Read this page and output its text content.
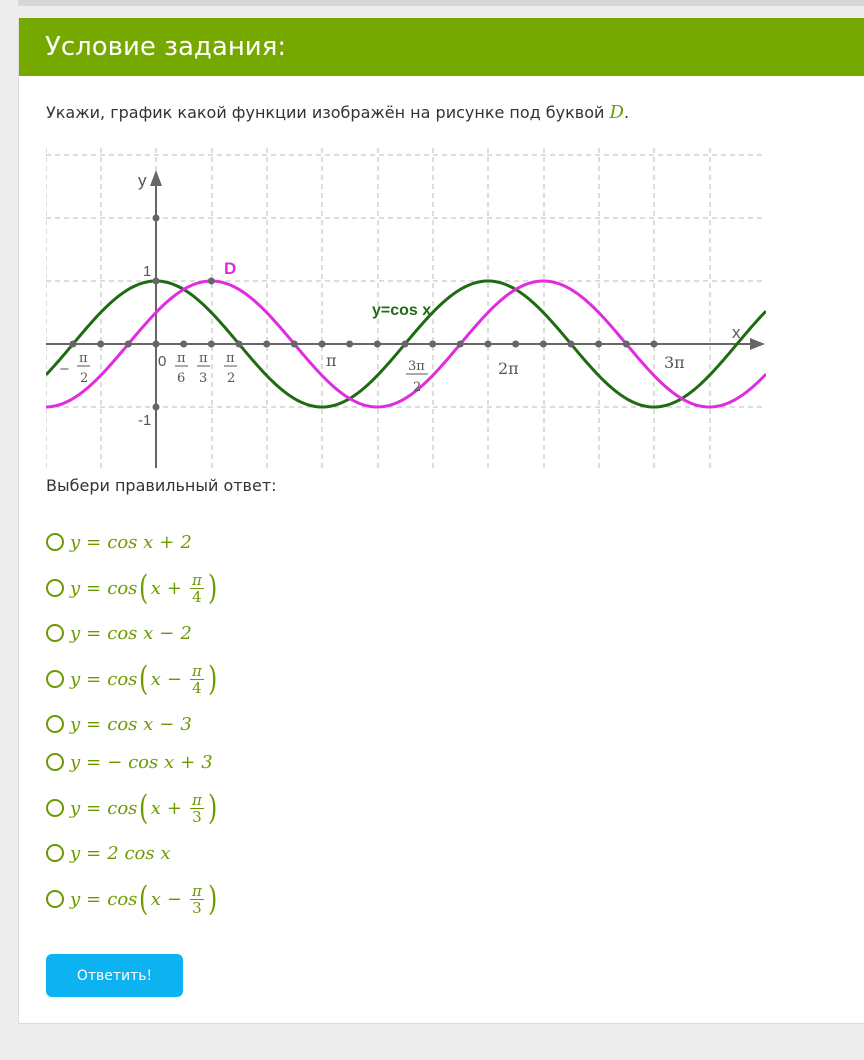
Условие задания:
Укажи, график какой функции изображён на рисунке под буквой D.
x
y
D
y=cos x
1
-1
0	π	2π	3π
−
π
2
π
6
π
3
π
2
3π
2
Выбери правильный ответ:
y = cos x + 2
y = cos ( $x + \frac{\pi}{4}$ )
y = cos x − 2
y = cos ( $x - \frac{\pi}{4}$ )
y = cos x − 3
y = − cos x + 3
y = cos ( $x + \frac{\pi}{3}$ )
y = 2 cos x
y = cos ( $x - \frac{\pi}{3}$ )
Ответить!
